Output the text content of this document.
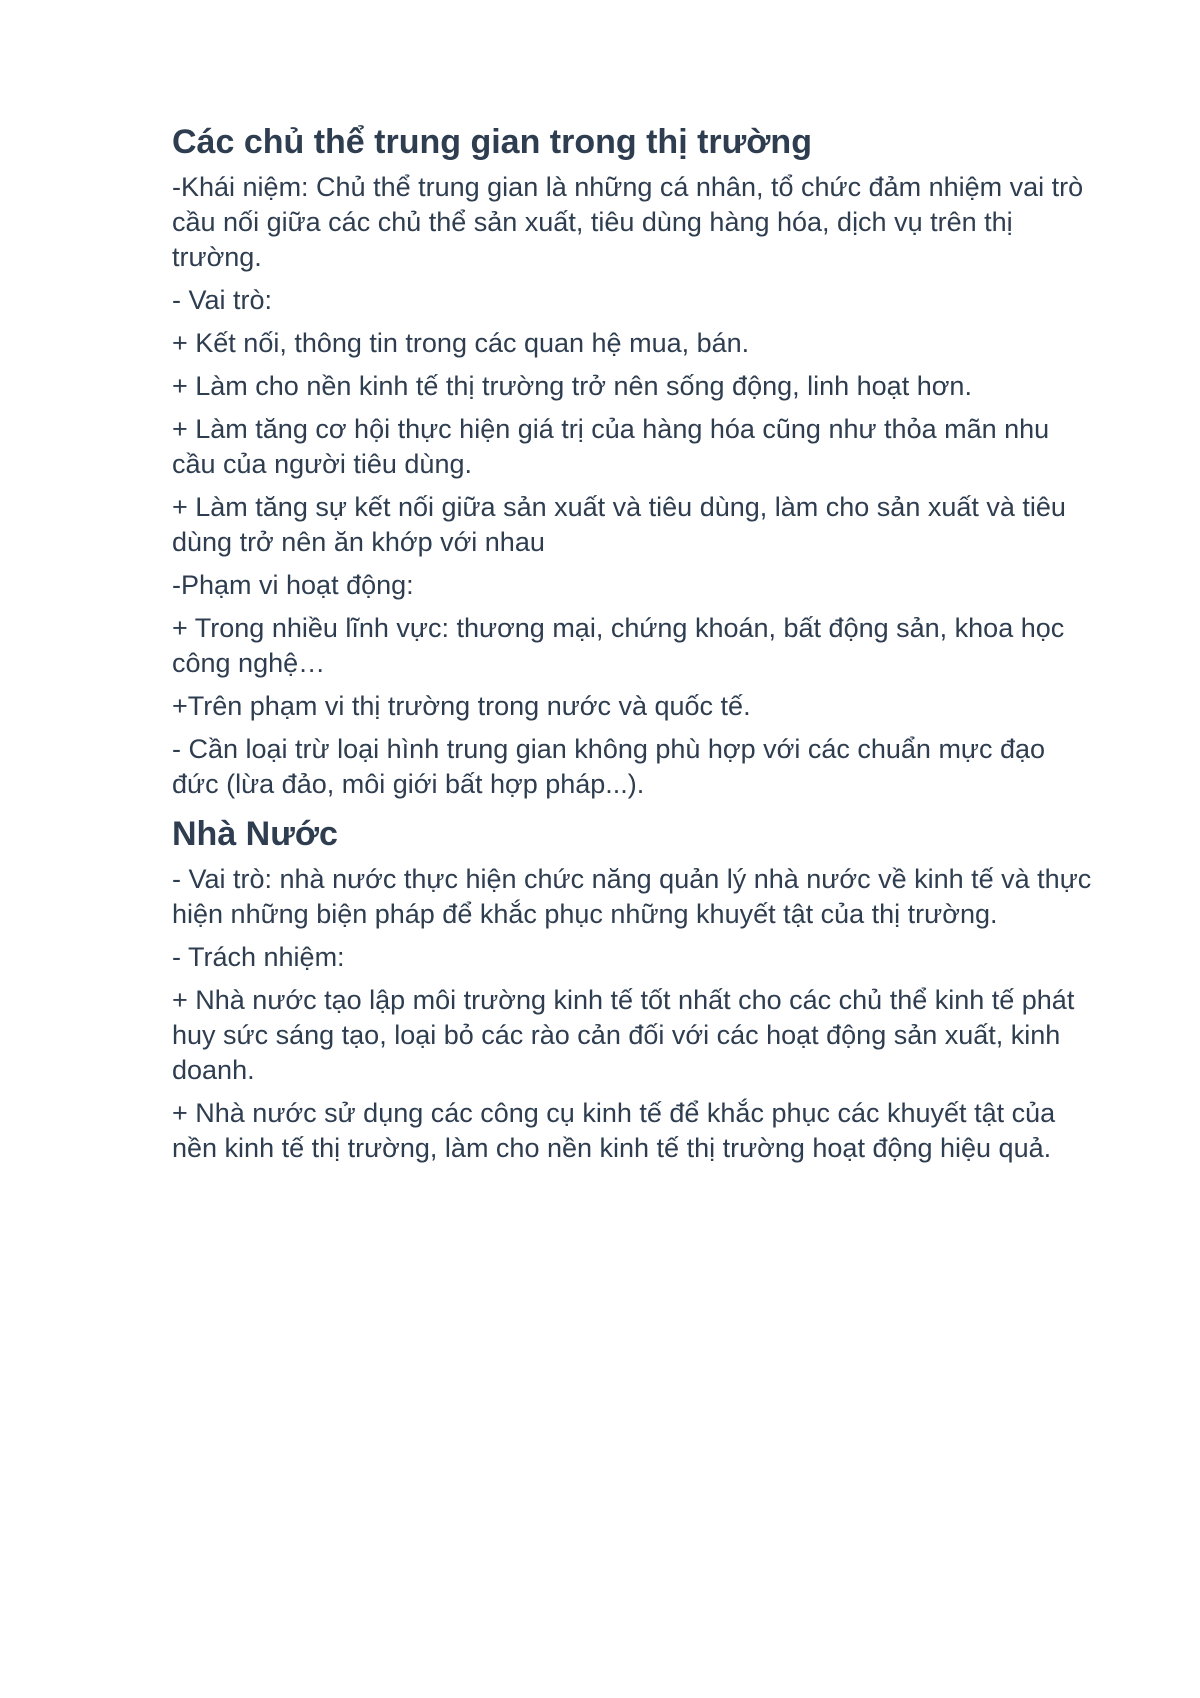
Các chủ thể trung gian trong thị trường

-Khái niệm: Chủ thể trung gian là những cá nhân, tổ chức đảm nhiệm vai trò cầu nối giữa các chủ thể sản xuất, tiêu dùng hàng hóa, dịch vụ trên thị trường.

- Vai trò:

+ Kết nối, thông tin trong các quan hệ mua, bán.

+ Làm cho nền kinh tế thị trường trở nên sống động, linh hoạt hơn.

+ Làm tăng cơ hội thực hiện giá trị của hàng hóa cũng như thỏa mãn nhu cầu của người tiêu dùng.

+ Làm tăng sự kết nối giữa sản xuất và tiêu dùng, làm cho sản xuất và tiêu dùng trở nên ăn khớp với nhau

-Phạm vi hoạt động:

+ Trong nhiều lĩnh vực: thương mại, chứng khoán, bất động sản, khoa học công nghệ…

+Trên phạm vi thị trường trong nước và quốc tế.

- Cần loại trừ loại hình trung gian không phù hợp với các chuẩn mực đạo đức (lừa đảo, môi giới bất hợp pháp...).

Nhà Nước

- Vai trò: nhà nước thực hiện chức năng quản lý nhà nước về kinh tế và thực hiện những biện pháp để khắc phục những khuyết tật của thị trường.

- Trách nhiệm:

+ Nhà nước tạo lập môi trường kinh tế tốt nhất cho các chủ thể kinh tế phát huy sức sáng tạo, loại bỏ các rào cản đối với các hoạt động sản xuất, kinh doanh.

+ Nhà nước sử dụng các công cụ kinh tế để khắc phục các khuyết tật của nền kinh tế thị trường, làm cho nền kinh tế thị trường hoạt động hiệu quả.
